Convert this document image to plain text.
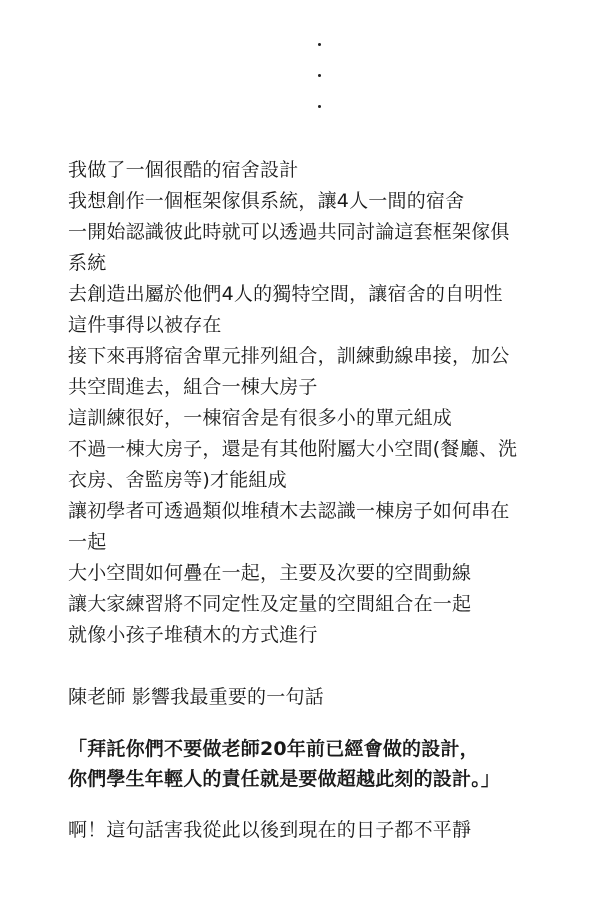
我做了一個很酷的宿舍設計
我想創作一個框架傢俱系統，讓4人一間的宿舍
一開始認識彼此時就可以透過共同討論這套框架傢俱
系統
去創造出屬於他們4人的獨特空間，讓宿舍的自明性
這件事得以被存在
接下來再將宿舍單元排列組合，訓練動線串接，加公
共空間進去，組合一棟大房子
這訓練很好，一棟宿舍是有很多小的單元組成
不過一棟大房子，還是有其他附屬大小空間(餐廳、洗
衣房、舍監房等)才能組成
讓初學者可透過類似堆積木去認識一棟房子如何串在
一起
大小空間如何疊在一起，主要及次要的空間動線
讓大家練習將不同定性及定量的空間組合在一起
就像小孩子堆積木的方式進行
陳老師 影響我最重要的一句話
「拜託你們不要做老師20年前已經會做的設計，
你們學生年輕人的責任就是要做超越此刻的設計。」
啊！這句話害我從此以後到現在的日子都不平靜
